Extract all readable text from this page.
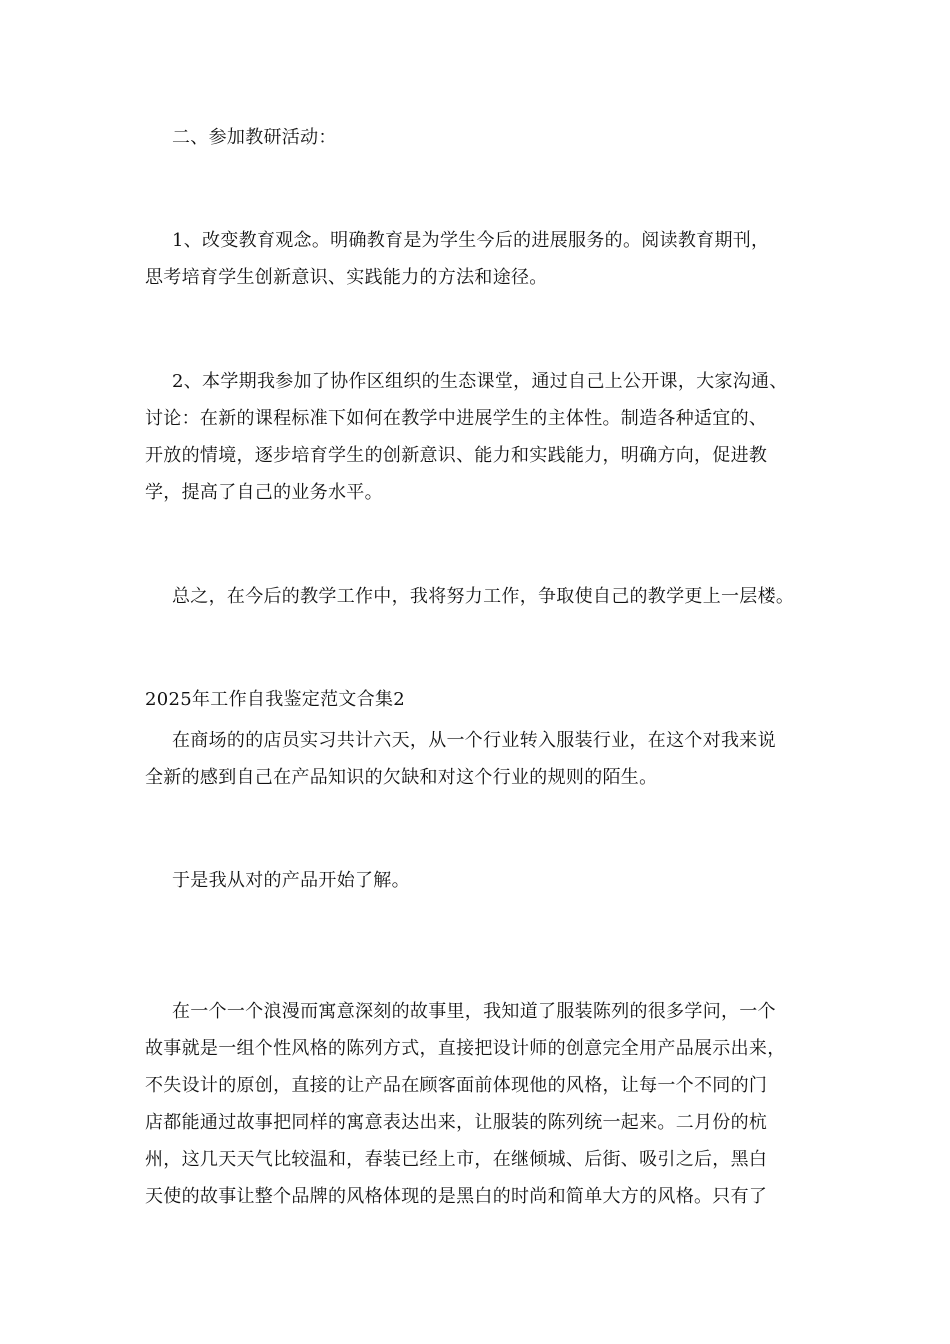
二、参加教研活动：
1、改变教育观念。明确教育是为学生今后的进展服务的。阅读教育期刊，
思考培育学生创新意识、实践能力的方法和途径。
2、本学期我参加了协作区组织的生态课堂，通过自己上公开课，大家沟通、
讨论：在新的课程标准下如何在教学中进展学生的主体性。制造各种适宜的、
开放的情境，逐步培育学生的创新意识、能力和实践能力，明确方向，促进教
学，提高了自己的业务水平。
总之，在今后的教学工作中，我将努力工作，争取使自己的教学更上一层楼。
2025年工作自我鉴定范文合集2
在商场的的店员实习共计六天，从一个行业转入服装行业，在这个对我来说
全新的感到自己在产品知识的欠缺和对这个行业的规则的陌生。
于是我从对的产品开始了解。
在一个一个浪漫而寓意深刻的故事里，我知道了服装陈列的很多学问，一个
故事就是一组个性风格的陈列方式，直接把设计师的创意完全用产品展示出来，
不失设计的原创，直接的让产品在顾客面前体现他的风格，让每一个不同的门
店都能通过故事把同样的寓意表达出来，让服装的陈列统一起来。二月份的杭
州，这几天天气比较温和，春装已经上市，在继倾城、后街、吸引之后，黑白
天使的故事让整个品牌的风格体现的是黑白的时尚和简单大方的风格。只有了
